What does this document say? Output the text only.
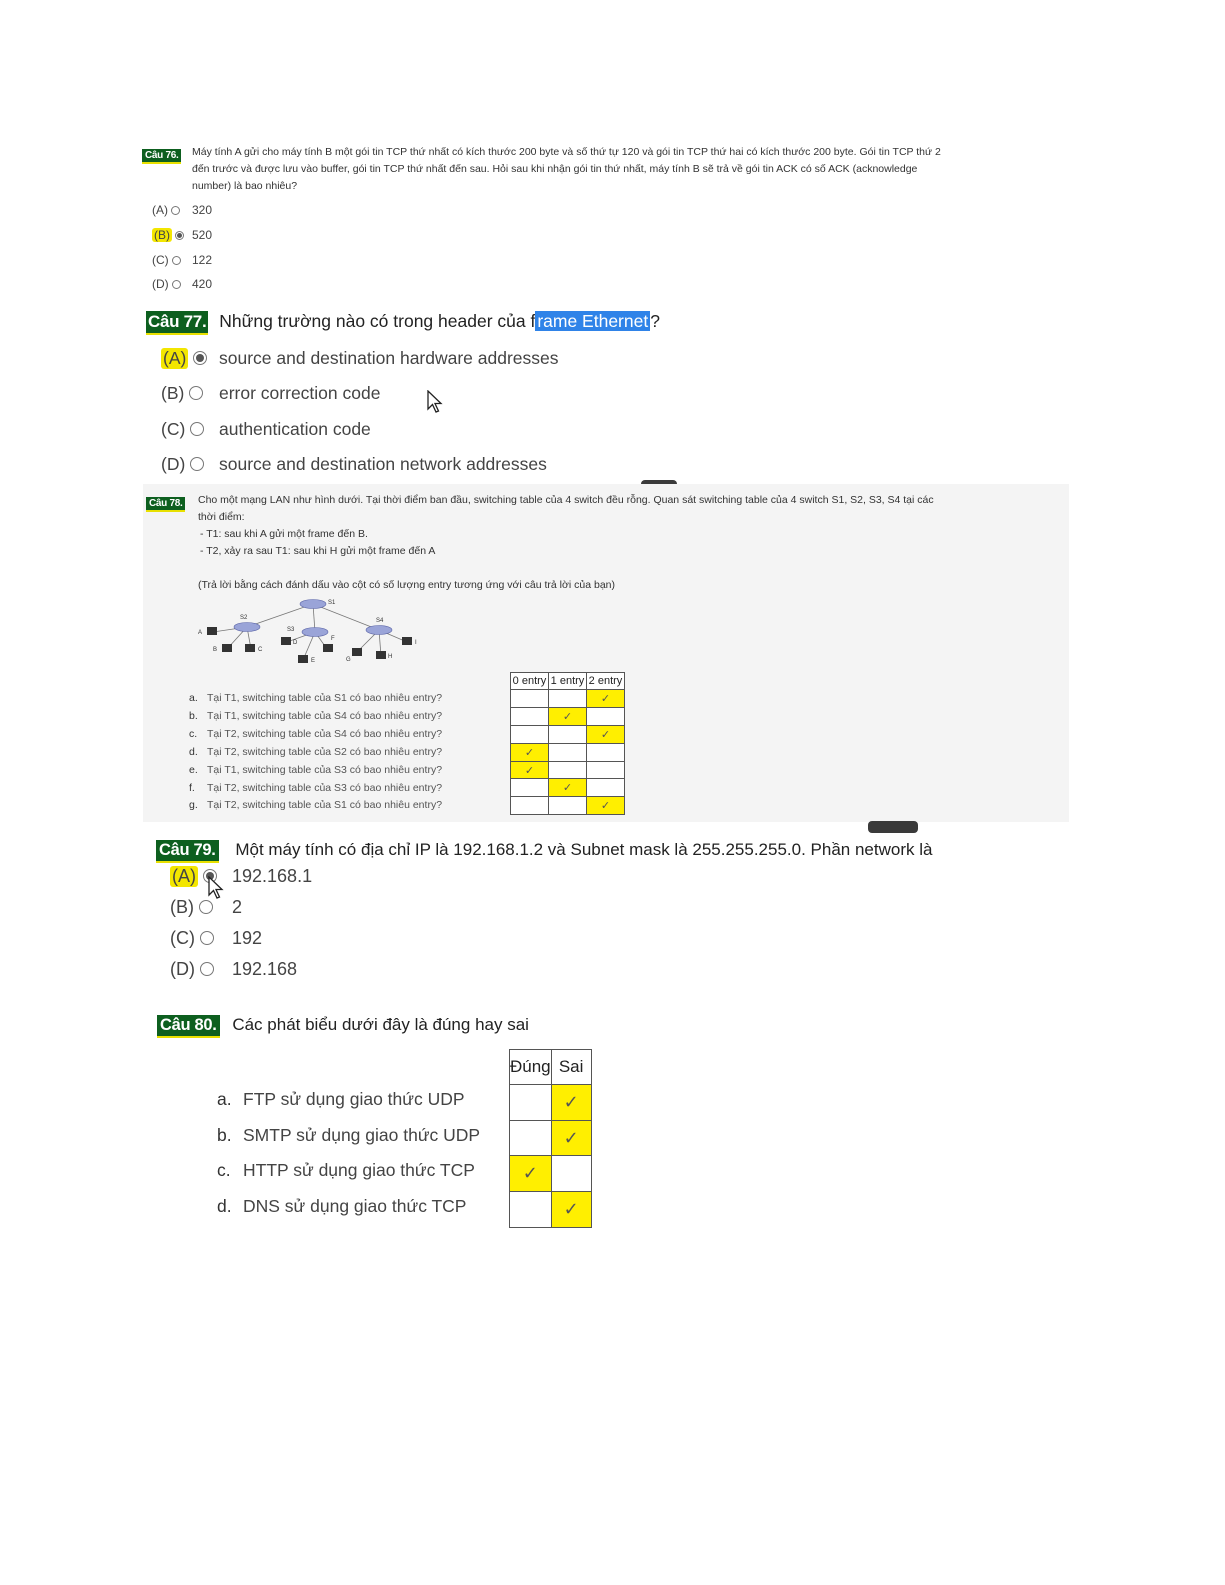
Câu 76. Máy tính A gửi cho máy tính B một gói tin TCP thứ nhất có kích thước 200 byte và số thứ tự 120 và gói tin TCP thứ hai có kích thước 200 byte. Gói tin TCP thứ 2
đến trước và được lưu vào buffer, gói tin TCP thứ nhất đến sau. Hỏi sau khi nhận gói tin thứ nhất, máy tính B sẽ trả về gói tin ACK có số ACK (acknowledge
number) là bao nhiêu?
(A) 320
(B) 520
(C) 122
(D) 420
Câu 77. Những trường nào có trong header của f rame Ethernet ?
(A) source and destination hardware addresses
(B) error correction code
(C) authentication code
(D) source and destination network addresses
Câu 78. Cho một mạng LAN như hình dưới. Tại thời điểm ban đầu, switching table của 4 switch đều rỗng. Quan sát switching table của 4 switch S1, S2, S3, S4 tại các
thời điểm:
- T1: sau khi A gửi một frame đến B.
- T2, xảy ra sau T1: sau khi H gửi một frame đến A
(Trả lời bằng cách đánh dấu vào cột có số lượng entry tương ứng với câu trả lời của bạn)
S1
S2
S3
S4
A
B	C
D
E
F
G	H
I
a. Tại T1, switching table của S1 có bao nhiêu entry?
b. Tại T1, switching table của S4 có bao nhiêu entry?
c. Tại T2, switching table của S4 có bao nhiêu entry?
d. Tại T2, switching table của S2 có bao nhiêu entry?
e. Tại T1, switching table của S3 có bao nhiêu entry?
f. Tại T2, switching table của S3 có bao nhiêu entry?
g. Tại T2, switching table của S1 có bao nhiêu entry?
0 entry	1 entry	2 entry
		✓
	✓	
		✓
✓		
✓		
	✓	
		✓
Câu 79. Một máy tính có địa chỉ IP là 192.168.1.2 và Subnet mask là 255.255.255.0. Phần network là
(A) 192.168.1
(B) 2
(C) 192
(D) 192.168
Câu 80. Các phát biểu dưới đây là đúng hay sai
a. FTP sử dụng giao thức UDP
b. SMTP sử dụng giao thức UDP
c. HTTP sử dụng giao thức TCP
d. DNS sử dụng giao thức TCP
Đúng	Sai
	✓
	✓
✓	
	✓
